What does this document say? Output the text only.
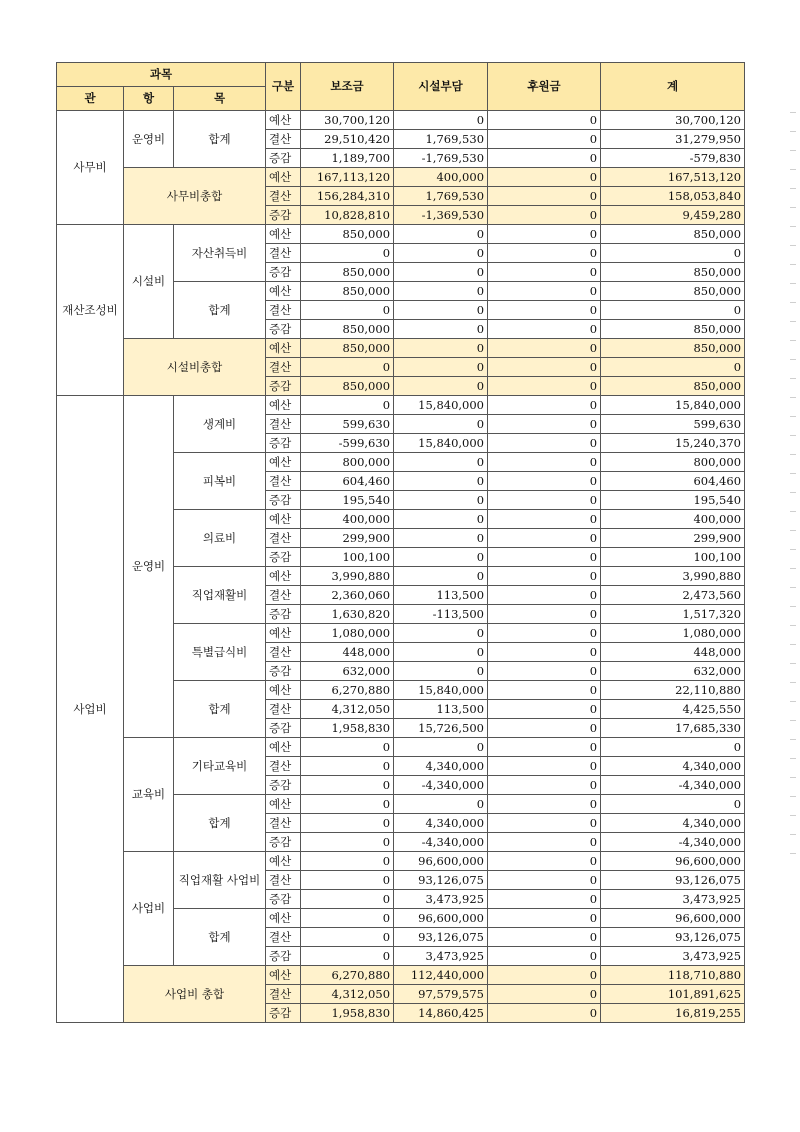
과목			구분	보조금	시설부담	후원금	계
관	항	목					
사무비	운영비	합계	예산	30,700,120	0	0	30,700,120
			결산	29,510,420	1,769,530	0	31,279,950
			증감	1,189,700	-1,769,530	0	-579,830
	사무비총합		예산	167,113,120	400,000	0	167,513,120
			결산	156,284,310	1,769,530	0	158,053,840
			증감	10,828,810	-1,369,530	0	9,459,280
재산조성비	시설비	자산취득비	예산	850,000	0	0	850,000
			결산	0	0	0	0
			증감	850,000	0	0	850,000
		합계	예산	850,000	0	0	850,000
			결산	0	0	0	0
			증감	850,000	0	0	850,000
	시설비총합		예산	850,000	0	0	850,000
			결산	0	0	0	0
			증감	850,000	0	0	850,000
사업비	운영비	생계비	예산	0	15,840,000	0	15,840,000
			결산	599,630	0	0	599,630
			증감	-599,630	15,840,000	0	15,240,370
		피복비	예산	800,000	0	0	800,000
			결산	604,460	0	0	604,460
			증감	195,540	0	0	195,540
		의료비	예산	400,000	0	0	400,000
			결산	299,900	0	0	299,900
			증감	100,100	0	0	100,100
		직업재활비	예산	3,990,880	0	0	3,990,880
			결산	2,360,060	113,500	0	2,473,560
			증감	1,630,820	-113,500	0	1,517,320
		특별급식비	예산	1,080,000	0	0	1,080,000
			결산	448,000	0	0	448,000
			증감	632,000	0	0	632,000
		합계	예산	6,270,880	15,840,000	0	22,110,880
			결산	4,312,050	113,500	0	4,425,550
			증감	1,958,830	15,726,500	0	17,685,330
	교육비	기타교육비	예산	0	0	0	0
			결산	0	4,340,000	0	4,340,000
			증감	0	-4,340,000	0	-4,340,000
		합계	예산	0	0	0	0
			결산	0	4,340,000	0	4,340,000
			증감	0	-4,340,000	0	-4,340,000
	사업비	직업재활 사업비	예산	0	96,600,000	0	96,600,000
			결산	0	93,126,075	0	93,126,075
			증감	0	3,473,925	0	3,473,925
		합계	예산	0	96,600,000	0	96,600,000
			결산	0	93,126,075	0	93,126,075
			증감	0	3,473,925	0	3,473,925
	사업비 총합		예산	6,270,880	112,440,000	0	118,710,880
			결산	4,312,050	97,579,575	0	101,891,625
			증감	1,958,830	14,860,425	0	16,819,255
